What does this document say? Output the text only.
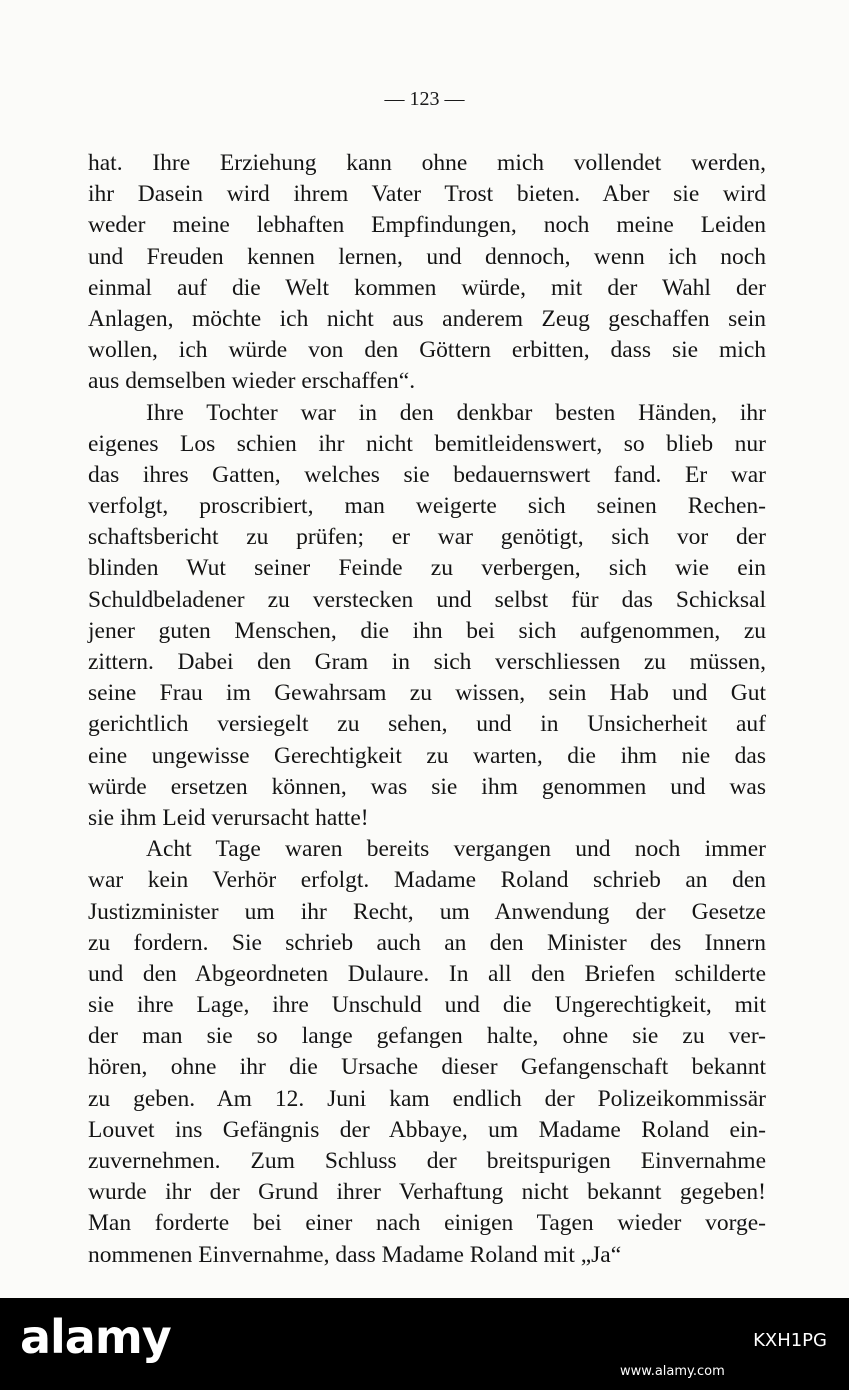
— 123 —
hat. Ihre Erziehung kann ohne mich vollendet werden,
ihr Dasein wird ihrem Vater Trost bieten. Aber sie wird
weder meine lebhaften Empfindungen, noch meine Leiden
und Freuden kennen lernen, und dennoch, wenn ich noch
einmal auf die Welt kommen würde, mit der Wahl der
Anlagen, möchte ich nicht aus anderem Zeug geschaffen sein
wollen, ich würde von den Göttern erbitten, dass sie mich
aus demselben wieder erschaffen“.
Ihre Tochter war in den denkbar besten Händen, ihr
eigenes Los schien ihr nicht bemitleidenswert, so blieb nur
das ihres Gatten, welches sie bedauernswert fand. Er war
verfolgt, proscribiert, man weigerte sich seinen Rechen-
schaftsbericht zu prüfen; er war genötigt, sich vor der
blinden Wut seiner Feinde zu verbergen, sich wie ein
Schuldbeladener zu verstecken und selbst für das Schicksal
jener guten Menschen, die ihn bei sich aufgenommen, zu
zittern. Dabei den Gram in sich verschliessen zu müssen,
seine Frau im Gewahrsam zu wissen, sein Hab und Gut
gerichtlich versiegelt zu sehen, und in Unsicherheit auf
eine ungewisse Gerechtigkeit zu warten, die ihm nie das
würde ersetzen können, was sie ihm genommen und was
sie ihm Leid verursacht hatte!
Acht Tage waren bereits vergangen und noch immer
war kein Verhör erfolgt. Madame Roland schrieb an den
Justizminister um ihr Recht, um Anwendung der Gesetze
zu fordern. Sie schrieb auch an den Minister des Innern
und den Abgeordneten Dulaure. In all den Briefen schilderte
sie ihre Lage, ihre Unschuld und die Ungerechtigkeit, mit
der man sie so lange gefangen halte, ohne sie zu ver-
hören, ohne ihr die Ursache dieser Gefangenschaft bekannt
zu geben. Am 12. Juni kam endlich der Polizeikommissär
Louvet ins Gefängnis der Abbaye, um Madame Roland ein-
zuvernehmen. Zum Schluss der breitspurigen Einvernahme
wurde ihr der Grund ihrer Verhaftung nicht bekannt gegeben!
Man forderte bei einer nach einigen Tagen wieder vorge-
nommenen Einvernahme, dass Madame Roland mit „Ja“
alamy	KXH1PG
www.alamy.com
